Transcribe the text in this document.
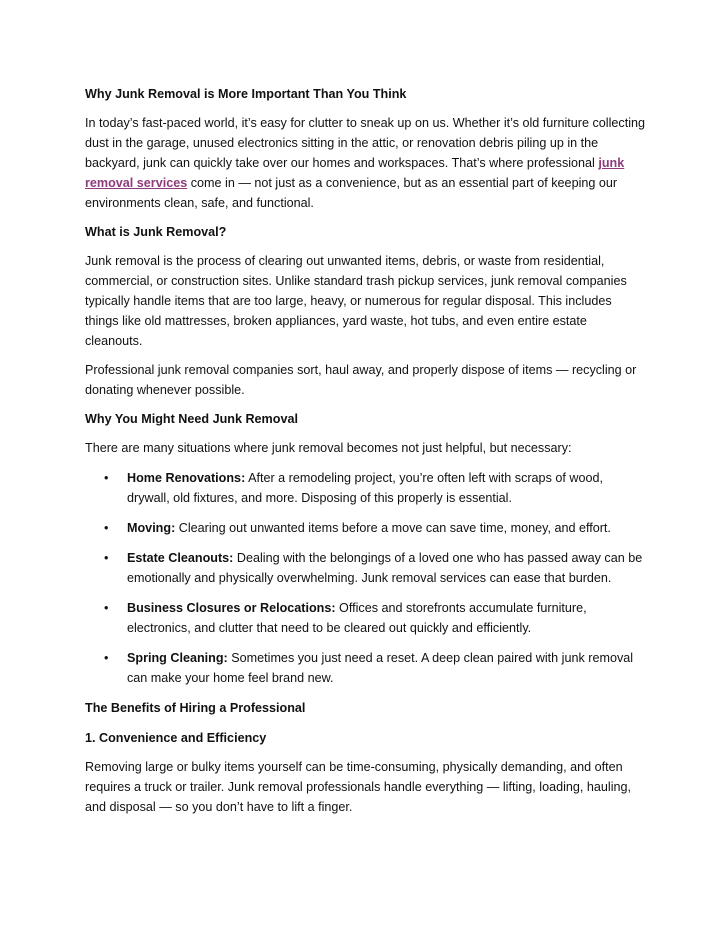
Why Junk Removal is More Important Than You Think

In today’s fast-paced world, it’s easy for clutter to sneak up on us. Whether it’s old furniture collecting dust in the garage, unused electronics sitting in the attic, or renovation debris piling up in the backyard, junk can quickly take over our homes and workspaces. That’s where professional junk removal services come in — not just as a convenience, but as an essential part of keeping our environments clean, safe, and functional.

What is Junk Removal?

Junk removal is the process of clearing out unwanted items, debris, or waste from residential, commercial, or construction sites. Unlike standard trash pickup services, junk removal companies typically handle items that are too large, heavy, or numerous for regular disposal. This includes things like old mattresses, broken appliances, yard waste, hot tubs, and even entire estate cleanouts.

Professional junk removal companies sort, haul away, and properly dispose of items — recycling or donating whenever possible.

Why You Might Need Junk Removal

There are many situations where junk removal becomes not just helpful, but necessary:

• Home Renovations: After a remodeling project, you’re often left with scraps of wood, drywall, old fixtures, and more. Disposing of this properly is essential.
• Moving: Clearing out unwanted items before a move can save time, money, and effort.
• Estate Cleanouts: Dealing with the belongings of a loved one who has passed away can be emotionally and physically overwhelming. Junk removal services can ease that burden.
• Business Closures or Relocations: Offices and storefronts accumulate furniture, electronics, and clutter that need to be cleared out quickly and efficiently.
• Spring Cleaning: Sometimes you just need a reset. A deep clean paired with junk removal can make your home feel brand new.
The Benefits of Hiring a Professional
1. Convenience and Efficiency

Removing large or bulky items yourself can be time-consuming, physically demanding, and often requires a truck or trailer. Junk removal professionals handle everything — lifting, loading, hauling, and disposal — so you don’t have to lift a finger.
